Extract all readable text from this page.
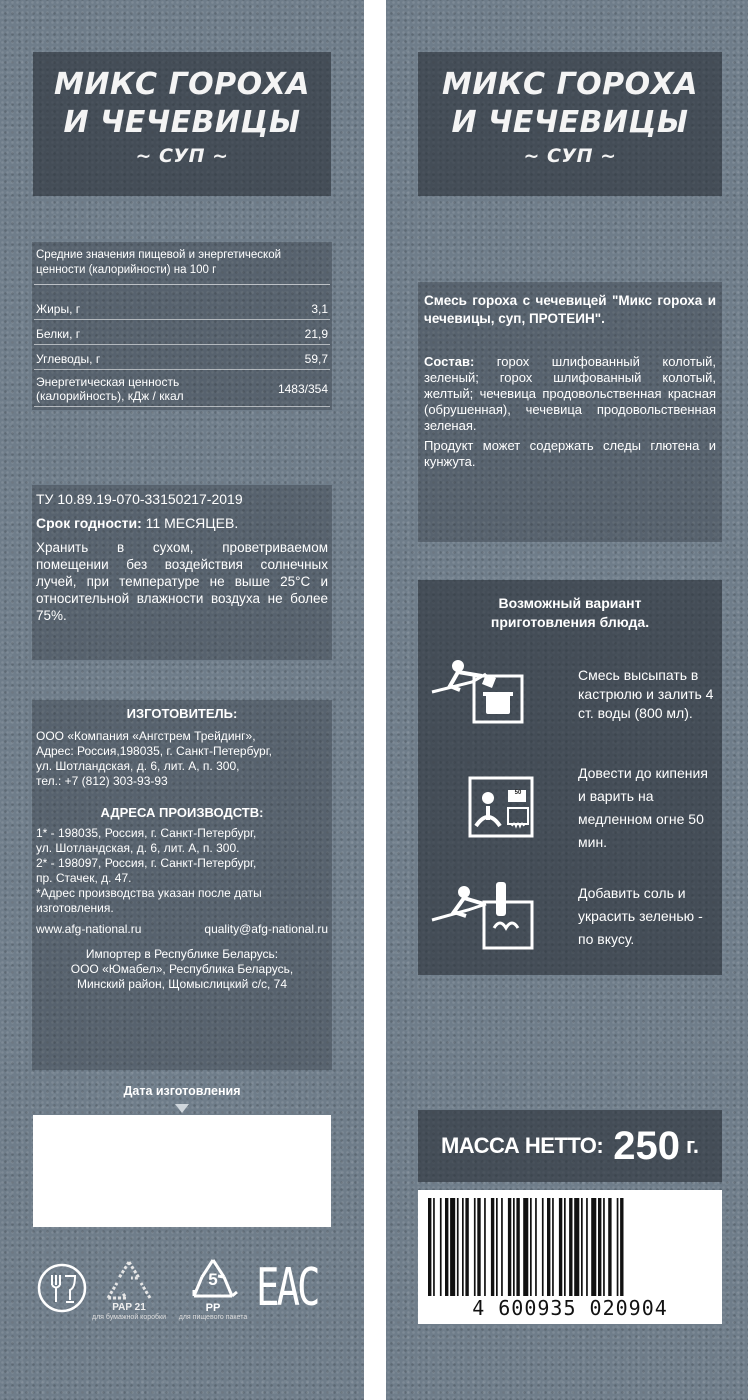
МИКС ГОРОХА
И ЧЕЧЕВИЦЫ
~ СУП ~
Средние значения пищевой и энергетической ценности (калорийности) на 100 г
Жиры, г	3,1
Белки, г	21,9
Углеводы, г	59,7
Энергетическая ценность (калорийность), кДж / ккал	1483/354
ТУ 10.89.19-070-33150217-2019
Срок годности: 11 МЕСЯЦЕВ.
Хранить в сухом, проветриваемом помещении без воздействия солнечных лучей, при температуре не выше 25°С и относительной влажности воздуха не более 75%.
ИЗГОТОВИТЕЛЬ:
ООО «Компания «Ангстрем Трейдинг»,
Адрес: Россия,198035, г. Санкт-Петербург,
ул. Шотландская, д. 6, лит. А, п. 300,
тел.: +7 (812) 303-93-93
АДРЕСА ПРОИЗВОДСТВ:
1* - 198035, Россия, г. Санкт-Петербург,
ул. Шотландская, д. 6, лит. А, п. 300.
2* - 198097, Россия, г. Санкт-Петербург,
пр. Стачек, д. 47.
*Адрес производства указан после даты изготовления.
www.afg-national.ru	quality@afg-national.ru
Импортер в Республике Беларусь:
ООО «Юмабел», Республика Беларусь,
Минский район, Щомыслицкий с/с, 74
Дата изготовления
PAP 21
для бумажной коробки
5
PP
для пищевого пакета EAC
МИКС ГОРОХА
И ЧЕЧЕВИЦЫ
~ СУП ~
Смесь гороха с чечевицей "Микс гороха и чечевицы, суп, ПРОТЕИН".
Состав: горох шлифованный колотый, зеленый; горох шлифованный колотый, желтый; чечевица продовольственная красная (обрушенная), чечевица продовольственная зеленая.
Продукт может содержать следы глютена и кунжута.
Возможный вариант приготовления блюда.
Смесь высыпать в кастрюлю и залить 4 ст. воды (800 мл).
50
Довести до кипения и варить на медленном огне 50 мин.
Добавить соль и украсить зеленью - по вкусу.
МАССА НЕТТО: 250 г.
4 600935 020904
